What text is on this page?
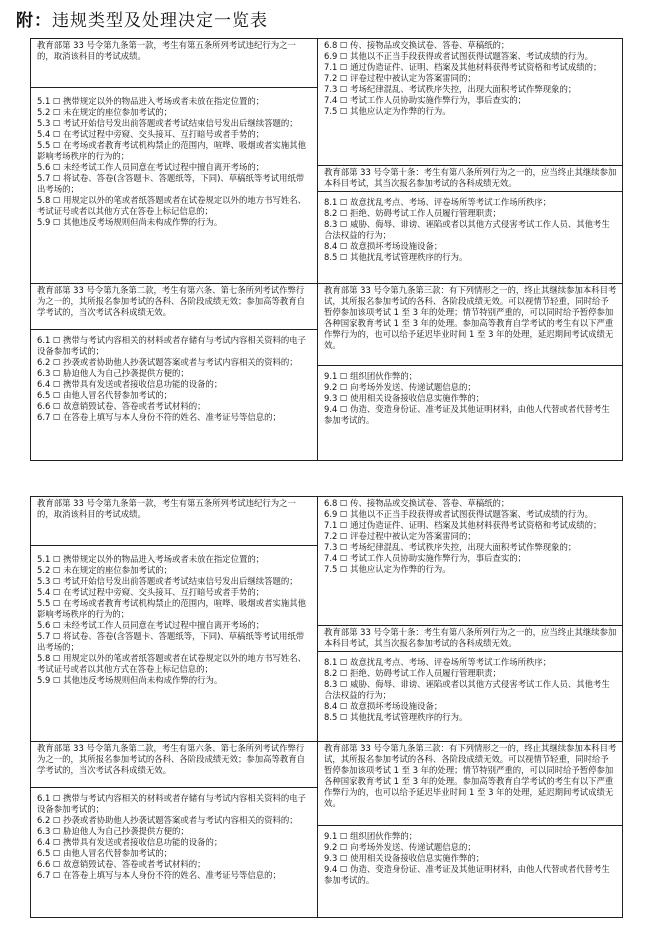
附：违规类型及处理决定一览表
教育部第 33 号令第九条第一款，考生有第五条所列考试违纪行为之一的，取消该科目的考试成绩。
5.1 ☐ 携带规定以外的物品进入考场或者未放在指定位置的；
5.2 ☐ 未在规定的座位参加考试的；
5.3 ☐ 考试开始信号发出前答题或者考试结束信号发出后继续答题的；
5.4 ☐ 在考试过程中旁窥、交头接耳、互打暗号或者手势的；
5.5 ☐ 在考场或者教育考试机构禁止的范围内，喧哗、吸烟或者实施其他影响考场秩序的行为的；
5.6 ☐ 未经考试工作人员同意在考试过程中擅自离开考场的；
5.7 ☐ 将试卷、答卷(含答题卡、答题纸等，下同)、草稿纸等考试用纸带出考场的；
5.8 ☐ 用规定以外的笔或者纸答题或者在试卷规定以外的地方书写姓名、考试证号或者以其他方式在答卷上标记信息的；
5.9 ☐ 其他违反考场规则但尚未构成作弊的行为。
教育部第 33 号令第九条第二款，考生有第六条、第七条所列考试作弊行为之一的，其所报名参加考试的各科、各阶段成绩无效；参加高等教育自学考试的，当次考试各科成绩无效。
6.1 ☐ 携带与考试内容相关的材料或者存储有与考试内容相关资料的电子设备参加考试的；
6.2 ☐ 抄袭或者协助他人抄袭试题答案或者与考试内容相关的资料的；
6.3 ☐ 胁迫他人为自己抄袭提供方便的；
6.4 ☐ 携带具有发送或者接收信息功能的设备的；
6.5 ☐ 由他人冒名代替参加考试的；
6.6 ☐ 故意销毁试卷、答卷或者考试材料的；
6.7 ☐ 在答卷上填写与本人身份不符的姓名、准考证号等信息的；
6.8 ☐ 传、接物品或交换试卷、答卷、草稿纸的；
6.9 ☐ 其他以不正当手段获得或者试图获得试题答案、考试成绩的行为。
7.1 ☐ 通过伪造证件、证明、档案及其他材料获得考试资格和考试成绩的；
7.2 ☐ 评卷过程中被认定为答案雷同的；
7.3 ☐ 考场纪律混乱、考试秩序失控，出现大面积考试作弊现象的；
7.4 ☐ 考试工作人员协助实施作弊行为，事后查实的；
7.5 ☐ 其他应认定为作弊的行为。
教育部第 33 号令第十条：考生有第八条所列行为之一的，应当终止其继续参加本科目考试，其当次报名参加考试的各科成绩无效。
8.1 ☐ 故意扰乱考点、考场、评卷场所等考试工作场所秩序；
8.2 ☐ 拒绝、妨碍考试工作人员履行管理职责；
8.3 ☐ 威胁、侮辱、诽谤、诬陷或者以其他方式侵害考试工作人员、其他考生合法权益的行为；
8.4 ☐ 故意损坏考场设施设备；
8.5 ☐ 其他扰乱考试管理秩序的行为。
教育部第 33 号令第九条第三款：有下列情形之一的，终止其继续参加本科目考试，其所报名参加考试的各科、各阶段成绩无效。可以视情节轻重，同时给予暂停参加该项考试 1 至 3 年的处理；情节特别严重的，可以同时给予暂停参加各种国家教育考试 1 至 3 年的处理。参加高等教育自学考试的考生有以下严重作弊行为的，也可以给予延迟毕业时间 1 至 3 年的处理，延迟期间考试成绩无效。
9.1 ☐ 组织团伙作弊的；
9.2 ☐ 向考场外发送、传递试题信息的；
9.3 ☐ 使用相关设备接收信息实施作弊的；
9.4 ☐ 伪造、变造身份证、准考证及其他证明材料，由他人代替或者代替考生参加考试的。
教育部第 33 号令第九条第一款，考生有第五条所列考试违纪行为之一的，取消该科目的考试成绩。
5.1 ☐ 携带规定以外的物品进入考场或者未放在指定位置的；
5.2 ☐ 未在规定的座位参加考试的；
5.3 ☐ 考试开始信号发出前答题或者考试结束信号发出后继续答题的；
5.4 ☐ 在考试过程中旁窥、交头接耳、互打暗号或者手势的；
5.5 ☐ 在考场或者教育考试机构禁止的范围内，喧哗、吸烟或者实施其他影响考场秩序的行为的；
5.6 ☐ 未经考试工作人员同意在考试过程中擅自离开考场的；
5.7 ☐ 将试卷、答卷(含答题卡、答题纸等，下同)、草稿纸等考试用纸带出考场的；
5.8 ☐ 用规定以外的笔或者纸答题或者在试卷规定以外的地方书写姓名、考试证号或者以其他方式在答卷上标记信息的；
5.9 ☐ 其他违反考场规则但尚未构成作弊的行为。
教育部第 33 号令第九条第二款，考生有第六条、第七条所列考试作弊行为之一的，其所报名参加考试的各科、各阶段成绩无效；参加高等教育自学考试的，当次考试各科成绩无效。
6.1 ☐ 携带与考试内容相关的材料或者存储有与考试内容相关资料的电子设备参加考试的；
6.2 ☐ 抄袭或者协助他人抄袭试题答案或者与考试内容相关的资料的；
6.3 ☐ 胁迫他人为自己抄袭提供方便的；
6.4 ☐ 携带具有发送或者接收信息功能的设备的；
6.5 ☐ 由他人冒名代替参加考试的；
6.6 ☐ 故意销毁试卷、答卷或者考试材料的；
6.7 ☐ 在答卷上填写与本人身份不符的姓名、准考证号等信息的；
6.8 ☐ 传、接物品或交换试卷、答卷、草稿纸的；
6.9 ☐ 其他以不正当手段获得或者试图获得试题答案、考试成绩的行为。
7.1 ☐ 通过伪造证件、证明、档案及其他材料获得考试资格和考试成绩的；
7.2 ☐ 评卷过程中被认定为答案雷同的；
7.3 ☐ 考场纪律混乱、考试秩序失控，出现大面积考试作弊现象的；
7.4 ☐ 考试工作人员协助实施作弊行为，事后查实的；
7.5 ☐ 其他应认定为作弊的行为。
教育部第 33 号令第十条：考生有第八条所列行为之一的，应当终止其继续参加本科目考试，其当次报名参加考试的各科成绩无效。
8.1 ☐ 故意扰乱考点、考场、评卷场所等考试工作场所秩序；
8.2 ☐ 拒绝、妨碍考试工作人员履行管理职责；
8.3 ☐ 威胁、侮辱、诽谤、诬陷或者以其他方式侵害考试工作人员、其他考生合法权益的行为；
8.4 ☐ 故意损坏考场设施设备；
8.5 ☐ 其他扰乱考试管理秩序的行为。
教育部第 33 号令第九条第三款：有下列情形之一的，终止其继续参加本科目考试，其所报名参加考试的各科、各阶段成绩无效。可以视情节轻重，同时给予暂停参加该项考试 1 至 3 年的处理；情节特别严重的，可以同时给予暂停参加各种国家教育考试 1 至 3 年的处理。参加高等教育自学考试的考生有以下严重作弊行为的，也可以给予延迟毕业时间 1 至 3 年的处理，延迟期间考试成绩无效。
9.1 ☐ 组织团伙作弊的；
9.2 ☐ 向考场外发送、传递试题信息的；
9.3 ☐ 使用相关设备接收信息实施作弊的；
9.4 ☐ 伪造、变造身份证、准考证及其他证明材料，由他人代替或者代替考生参加考试的。
